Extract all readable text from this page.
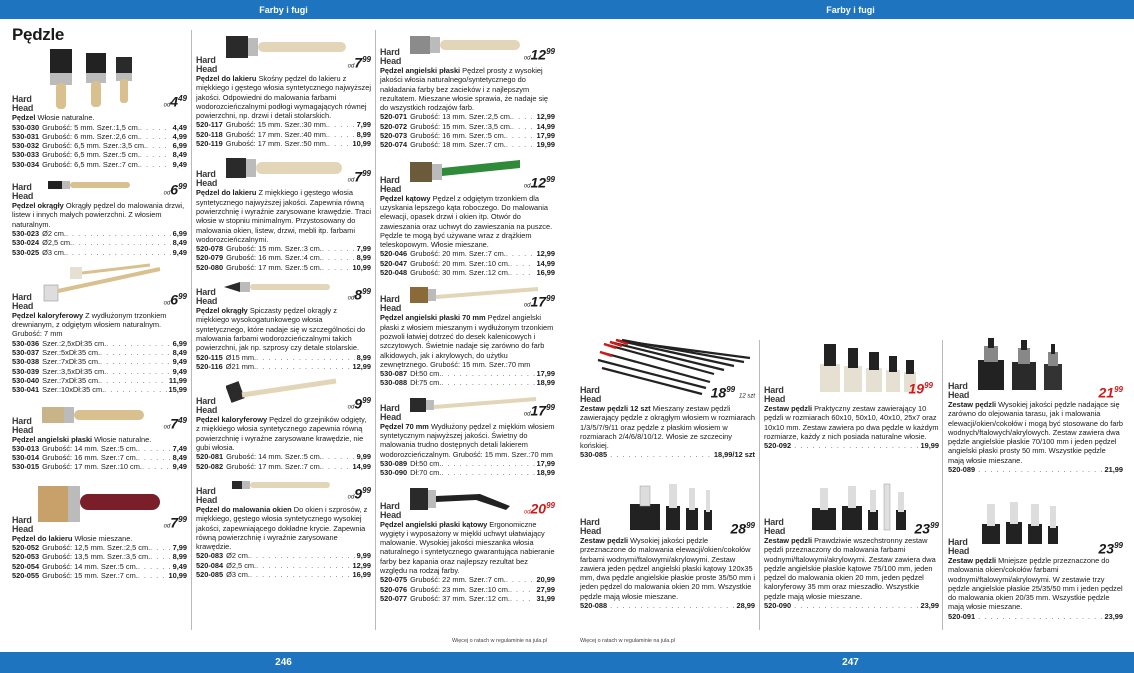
Farby i fugi	Farby i fugi
Pędzle
Hard
Head	$od4^{49}$
Pędzel Włosie naturalne.
530-030 Grubość: 5 mm. Szer.:1,5 cm. . . .	4,49
530-031 Grubość: 6 mm. Szer.:2,6 cm. . . .	4,99
530-032 Grubość: 6,5 mm. Szer.:3,5 cm. . . .	6,99
530-033 Grubość: 6,5 mm. Szer.:5 cm. . . .	8,49
530-034 Grubość: 6,5 mm. Szer.:7 cm. . . .	9,49
Hard
Head	$od6^{99}$
Pędzel okrągły Okrągły pędzel do malowania drzwi, listew i innych małych powierzchni. Z włosiem naturalnym.
530-023 Ø2 cm. . . .	6,99
530-024 Ø2,5 cm. . . .	8,49
530-025 Ø3 cm. . . .	9,49
Hard
Head	$od6^{99}$
Pędzel kaloryferowy Z wydłużonym trzonkiem drewnianym, z odgiętym włosiem naturalnym. Grubość: 7 mm
530-036 Szer.:2,5xDł:35 cm. . . .	6,99
530-037 Szer.:5xDł:35 cm. . . .	8,49
530-038 Szer.:7xDł:35 cm. . . .	9,49
530-039 Szer.:3,5xDł:35 cm. . . .	9,49
530-040 Szer.:7xDł:35 cm. . . .	11,99
530-041 Szer.:10xDł:35 cm. . . .	15,99
Hard
Head	$od7^{49}$
Pędzel angielski płaski Włosie naturalne.
530-013 Grubość: 14 mm. Szer.:5 cm. . . .	7,49
530-014 Grubość: 16 mm. Szer.:7 cm. . . .	8,49
530-015 Grubość: 17 mm. Szer.:10 cm. . . .	9,49
Hard
Head	$od7^{99}$
Pędzel do lakieru Włosie mieszane.
520-052 Grubość: 12,5 mm. Szer.:2,5 cm. . . .	7,99
520-053 Grubość: 13,5 mm. Szer.:3,5 cm. . . .	8,99
520-054 Grubość: 14 mm. Szer.:5 cm. . . .	9,49
520-055 Grubość: 15 mm. Szer.:7 cm. . . .	10,99
Hard
Head	$od7^{99}$
Pędzel do lakieru Skośny pędzel do lakieru z miękkiego i gęstego włosia syntetycznego najwyższej jakości. Odpowiedni do malowania farbami wodorozcieńczalnymi podłogi wymagających równej powierzchni, np. drzwi i detali stolarskich.
520-117 Grubość: 15 mm. Szer.:30 mm. . . .	7,99
520-118 Grubość: 17 mm. Szer.:40 mm. . . .	8,99
520-119 Grubość: 17 mm. Szer.:50 mm. . . .	10,99
Hard
Head	$od7^{99}$
Pędzel do lakieru Z miękkiego i gęstego włosia syntetycznego najwyższej jakości. Zapewnia równą powierzchnię i wyraźnie zarysowane krawędzie. Traci włosie w stopniu minimalnym. Przystosowany do malowania okien, listew, drzwi, mebli itp. farbami wodorozcieńczalnymi.
520-078 Grubość: 15 mm. Szer.:3 cm. . . .	7,99
520-079 Grubość: 16 mm. Szer.:4 cm. . . .	8,99
520-080 Grubość: 17 mm. Szer.:5 cm. . . .	10,99
Hard
Head	$od8^{99}$
Pędzel okrągły Spiczasty pędzel okrągły z miękkiego wysokogatunkowego włosia syntetycznego, które nadaje się w szczególności do malowania farbami wodorozcieńczalnymi takich powierzchni, jak np. szprosy czy detale stolarskie.
520-115 Ø15 mm. . . .	8,99
520-116 Ø21 mm. . . .	12,99
Hard
Head	$od9^{99}$
Pędzel kaloryferowy Pędzel do grzejników odgięty, z miękkiego włosia syntetycznego zapewnia równą powierzchnię i wyraźne zarysowane krawędzie, nie gubi włosia.
520-081 Grubość: 14 mm. Szer.:5 cm. . . .	9,99
520-082 Grubość: 17 mm. Szer.:7 cm. . . .	14,99
Hard
Head	$od9^{99}$
Pędzel do malowania okien Do okien i szprosów, z miękkiego, gęstego włosia syntetycznego wysokiej jakości, zapewniającego dokładne krycie. Zapewnia równą powierzchnię i wyraźnie zarysowane krawędzie.
520-083 Ø2 cm. . . .	9,99
520-084 Ø2,5 cm. . . .	12,99
520-085 Ø3 cm. . . .	16,99
Hard
Head	$od12^{99}$
Pędzel angielski płaski Pędzel prosty z wysokiej jakości włosia naturalnego/syntetycznego do nakładania farby bez zacieków i z najlepszym rezultatem. Mieszane włosie sprawia, że nadaje się do wszystkich rodzajów farb.
520-071 Grubość: 13 mm. Szer.:2,5 cm. . . .	12,99
520-072 Grubość: 15 mm. Szer.:3,5 cm. . . .	14,99
520-073 Grubość: 16 mm. Szer.:5 cm. . . .	17,99
520-074 Grubość: 18 mm. Szer.:7 cm. . . .	19,99
Hard
Head	$od12^{99}$
Pędzel kątowy Pędzel z odgiętym trzonkiem dla uzyskania lepszego kąta roboczego. Do malowania elewacji, opasek drzwi i okien itp. Otwór do zawieszania oraz uchwyt do zawieszania na puszce. Pędzle te mogą być używane wraz z drążkiem teleskopowym. Włosie mieszane.
520-046 Grubość: 20 mm. Szer.:7 cm. . . .	12,99
520-047 Grubość: 20 mm. Szer.:10 cm. . . .	14,99
520-048 Grubość: 30 mm. Szer.:12 cm. . . .	16,99
Hard
Head	$od17^{99}$
Pędzel angielski płaski 70 mm Pędzel angielski płaski z włosiem mieszanym i wydłużonym trzonkiem pozwoli łatwiej dotrzeć do desek kalenicowych i szczytowych. Świetnie nadaje się zarówno do farb alkidowych, jak i akrylowych, do użytku zewnętrznego. Grubość: 15 mm. Szer.:70 mm
530-087 Dł:50 cm. . . .	17,99
530-088 Dł:75 cm. . . .	18,99
Hard
Head	$od17^{99}$
Pędzel 70 mm Wydłużony pędzel z miękkim włosiem syntetycznym najwyższej jakości. Świetny do malowania trudno dostępnych detali lakierem wodorozcieńczalnym. Grubość: 15 mm. Szer.:70 mm
530-089 Dł:50 cm. . . .	17,99
530-090 Dł:70 cm. . . .	18,99
Hard
Head	$od20^{99}$
Pędzel angielski płaski kątowy Ergonomiczne wygięty i wyposażony w miękki uchwyt ułatwiający malowanie. Wysokiej jakości mieszanka włosia naturalnego i syntetycznego gwarantująca nabieranie farby bez kapania oraz najlepszy rezultat bez względu na rodzaj farby.
520-075 Grubość: 22 mm. Szer.:7 cm. . . .	20,99
520-076 Grubość: 23 mm. Szer.:10 cm. . . .	27,99
520-077 Grubość: 37 mm. Szer.:12 cm. . . .	31,99
Hard
Head	$18^{99}$ 12 szt
Zestaw pędzli 12 szt Mieszany zestaw pędzli zawierający pędzle z okrągłym włosiem w rozmiarach 1/3/5/7/9/11 oraz pędzle z płaskim włosiem w rozmiarach 2/4/6/8/10/12. Włosie ze szczeciny końskiej.
530-085 . . .	18,99/12 szt
Hard
Head
$19^{99}$
Zestaw pędzli Praktyczny zestaw zawierający 10 pędzli w rozmiarach 60x10, 50x10, 40x10, 25x7 oraz 10x10 mm. Zestaw zawiera po dwa pędzle w każdym rozmiarze, każdy z nich posiada naturalne włosie.
520-092 . . .	19,99
Hard
Head	$21^{99}$
Zestaw pędzli Wysokiej jakości pędzle nadające się zarówno do olejowania tarasu, jak i malowania elewacji/okien/cokołów i mogą być stosowane do farb wodnych/ftalowych/akrylowych. Zestaw zawiera dwa pędzle angielskie płaskie 70/100 mm i jeden pędzel angielski płaski prosty 50 mm. Wszystkie pędzle mają włosie mieszane.
520-089 . . .	21,99
Hard
Head	$28^{99}$
Zestaw pędzli Wysokiej jakości pędzle przeznaczone do malowania elewacji/okien/cokołów farbami wodnymi/ftalowymi/akrylowymi. Zestaw zawiera jeden pędzel angielski płaski kątowy 120x35 mm, dwa pędzle angielskie płaskie proste 35/50 mm i jeden pędzel do malowania okien 20 mm. Wszystkie pędzle mają włosie mieszane.
520-088 . . .	28,99
Hard
Head	$23^{99}$
Zestaw pędzli Prawdziwie wszechstronny zestaw pędzli przeznaczony do malowania farbami wodnymi/ftalowymi/akrylowymi. Zestaw zawiera dwa pędzle angielskie płaskie kątowe 75/100 mm, jeden pędzel do malowania okien 20 mm, jeden pędzel kaloryferowy 35 mm oraz mieszadło. Wszystkie pędzle mają włosie mieszane.
520-090 . . .	23,99
Hard
Head	$23^{99}$
Zestaw pędzli Mniejsze pędzle przeznaczone do malowania okien/cokołów farbami wodnymi/ftalowymi/akrylowymi. W zestawie trzy pędzle angielskie płaskie 25/35/50 mm i jeden pędzel do malowania okien 20/35 mm. Wszystkie pędzle mają włosie mieszane.
520-091 . . .	23,99
Więcej o ratach w regulaminie na jula.pl	Więcej o ratach w regulaminie na jula.pl
246	247
